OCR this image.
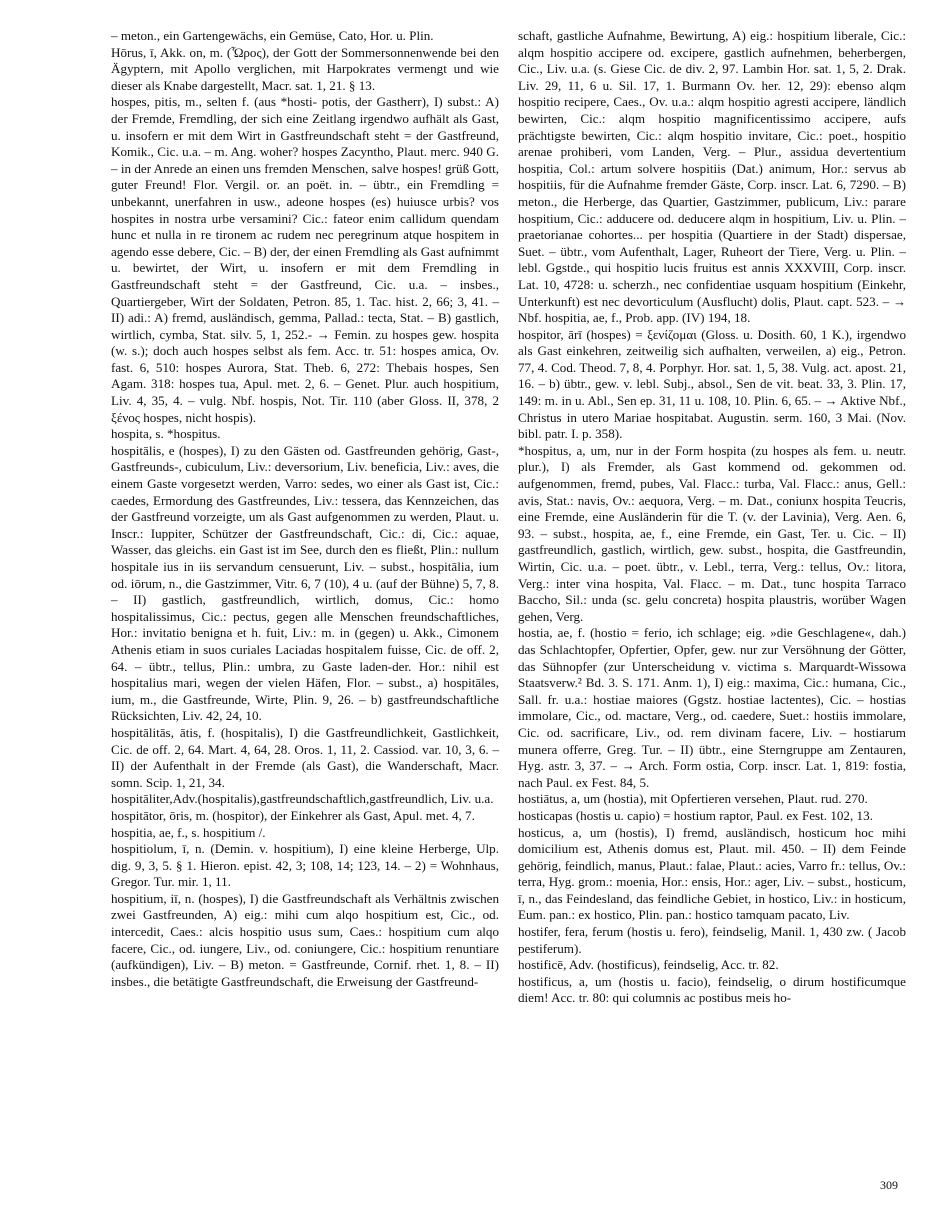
– meton., ein Gartengewächs, ein Gemüse, Cato, Hor. u. Plin.

Hōrus, ī, Akk. on, m. (Ὧρος), der Gott der Sommersonnenwende bei den Ägyptern, mit Apollo verglichen, mit Harpokrates vermengt und wie dieser als Knabe dargestellt, Macr. sat. 1, 21. § 13.

hospes, pitis, m., selten f. (aus *hosti- potis, der Gastherr), I) subst.: A) der Fremde, Fremdling, der sich eine Zeitlang irgendwo aufhält als Gast, u. insofern er mit dem Wirt in Gastfreundschaft steht = der Gastfreund, Komik., Cic. u.a. – m. Ang. woher? hospes Zacyntho, Plaut. merc. 940 G. – in der Anrede an einen uns fremden Menschen, salve hospes! grüß Gott, guter Freund! Flor. Vergil. or. an poët. in. – übtr., ein Fremdling = unbekannt, unerfahren in usw., adeone hospes (es) huiusce urbis? vos hospites in nostra urbe versamini? Cic.: fateor enim callidum quendam hunc et nulla in re tironem ac rudem nec peregrinum atque hospitem in agendo esse debere, Cic. – B) der, der einen Fremdling als Gast aufnimmt u. bewirtet, der Wirt, u. insofern er mit dem Fremdling in Gastfreundschaft steht = der Gastfreund, Cic. u.a. – insbes., Quartiergeber, Wirt der Soldaten, Petron. 85, 1. Tac. hist. 2, 66; 3, 41. – II) adi.: A) fremd, ausländisch, gemma, Pallad.: tecta, Stat. – B) gastlich, wirtlich, cymba, Stat. silv. 5, 1, 252.- → Femin. zu hospes gew. hospita (w. s.); doch auch hospes selbst als fem. Acc. tr. 51: hospes amica, Ov. fast. 6, 510: hospes Aurora, Stat. Theb. 6, 272: Thebais hospes, Sen Agam. 318: hospes tua, Apul. met. 2, 6. – Genet. Plur. auch hospitium, Liv. 4, 35, 4. – vulg. Nbf. hospis, Not. Tir. 110 (aber Gloss. II, 378, 2 ξένος hospes, nicht hospis).

hospita, s. *hospitus.

hospitālis, e (hospes), I) zu den Gästen od. Gastfreunden gehörig, Gast-, Gastfreunds-, cubiculum, Liv.: deversorium, Liv. beneficia, Liv.: aves, die einem Gaste vorgesetzt werden, Varro: sedes, wo einer als Gast ist, Cic.: caedes, Ermordung des Gastfreundes, Liv.: tessera, das Kennzeichen, das der Gastfreund vorzeigte, um als Gast aufgenommen zu werden, Plaut. u. Inscr.: Iuppiter, Schützer der Gastfreundschaft, Cic.: di, Cic.: aquae, Wasser, das gleichs. ein Gast ist im See, durch den es fließt, Plin.: nullum hospitale ius in iis servandum censuerunt, Liv. – subst., hospitālia, ium od. iōrum, n., die Gastzimmer, Vitr. 6, 7 (10), 4 u. (auf der Bühne) 5, 7, 8. – II) gastlich, gastfreundlich, wirtlich, domus, Cic.: homo hospitalissimus, Cic.: pectus, gegen alle Menschen freundschaftliches, Hor.: invitatio benigna et h. fuit, Liv.: m. in (gegen) u. Akk., Cimonem Athenis etiam in suos curiales Laciadas hospitalem fuisse, Cic. de off. 2, 64. – übtr., tellus, Plin.: umbra, zu Gaste laden-der. Hor.: nihil est hospitalius mari, wegen der vielen Häfen, Flor. – subst., a) hospitāles, ium, m., die Gastfreunde, Wirte, Plin. 9, 26. – b) gastfreundschaftliche Rücksichten, Liv. 42, 24, 10.

hospitālitās, ātis, f. (hospitalis), I) die Gastfreundlichkeit, Gastlichkeit, Cic. de off. 2, 64. Mart. 4, 64, 28. Oros. 1, 11, 2. Cassiod. var. 10, 3, 6. – II) der Aufenthalt in der Fremde (als Gast), die Wanderschaft, Macr. somn. Scip. 1, 21, 34.

hospitāliter,Adv.(hospitalis),gastfreundschaftlich,gastfreundlich, Liv. u.a.

hospitātor, ōris, m. (hospitor), der Einkehrer als Gast, Apul. met. 4, 7.

hospitia, ae, f., s. hospitium /.

hospitiolum, ī, n. (Demin. v. hospitium), I) eine kleine Herberge, Ulp. dig. 9, 3, 5. § 1. Hieron. epist. 42, 3; 108, 14; 123, 14. – 2) = Wohnhaus, Gregor. Tur. mir. 1, 11.

hospitium, iī, n. (hospes), I) die Gastfreundschaft als Verhältnis zwischen zwei Gastfreunden, A) eig.: mihi cum alqo hospitium est, Cic., od. intercedit, Caes.: alcis hospitio usus sum, Caes.: hospitium cum alqo facere, Cic., od. iungere, Liv., od. coniungere, Cic.: hospitium renuntiare (aufkündigen), Liv. – B) meton. = Gastfreunde, Cornif. rhet. 1, 8. – II) insbes., die betätigte Gastfreundschaft, die Erweisung der Gastfreund-

schaft, gastliche Aufnahme, Bewirtung, A) eig.: hospitium liberale, Cic.: alqm hospitio accipere od. excipere, gastlich aufnehmen, beherbergen, Cic., Liv. u.a. (s. Giese Cic. de div. 2, 97. Lambin Hor. sat. 1, 5, 2. Drak. Liv. 29, 11, 6 u. Sil. 17, 1. Burmann Ov. her. 12, 29): ebenso alqm hospitio recipere, Caes., Ov. u.a.: alqm hospitio agresti accipere, ländlich bewirten, Cic.: alqm hospitio magnificentissimo accipere, aufs prächtigste bewirten, Cic.: alqm hospitio invitare, Cic.: poet., hospitio arenae prohiberi, vom Landen, Verg. – Plur., assidua devertentium hospitia, Col.: artum solvere hospitiis (Dat.) animum, Hor.: servus ab hospitiis, für die Aufnahme fremder Gäste, Corp. inscr. Lat. 6, 7290. – B) meton., die Herberge, das Quartier, Gastzimmer, publicum, Liv.: parare hospitium, Cic.: adducere od. deducere alqm in hospitium, Liv. u. Plin. – praetorianae cohortes... per hospitia (Quartiere in der Stadt) dispersae, Suet. – übtr., vom Aufenthalt, Lager, Ruheort der Tiere, Verg. u. Plin. – lebl. Ggstde., qui hospitio lucis fruitus est annis XXXVIII, Corp. inscr. Lat. 10, 4728: u. scherzh., nec confidentiae usquam hospitium (Einkehr, Unterkunft) est nec devorticulum (Ausflucht) dolis, Plaut. capt. 523. – → Nbf. hospitia, ae, f., Prob. app. (IV) 194, 18.

hospitor, ārī (hospes) = ξενίζομαι (Gloss. u. Dosith. 60, 1 K.), irgendwo als Gast einkehren, zeitweilig sich aufhalten, verweilen, a) eig., Petron. 77, 4. Cod. Theod. 7, 8, 4. Porphyr. Hor. sat. 1, 5, 38. Vulg. act. apost. 21, 16. – b) übtr., gew. v. lebl. Subj., absol., Sen de vit. beat. 33, 3. Plin. 17, 149: m. in u. Abl., Sen ep. 31, 11 u. 108, 10. Plin. 6, 65. – → Aktive Nbf., Christus in utero Mariae hospitabat. Augustin. serm. 160, 3 Mai. (Nov. bibl. patr. I. p. 358).

*hospitus, a, um, nur in der Form hospita (zu hospes als fem. u. neutr. plur.), I) als Fremder, als Gast kommend od. gekommen od. aufgenommen, fremd, pubes, Val. Flacc.: turba, Val. Flacc.: anus, Gell.: avis, Stat.: navis, Ov.: aequora, Verg. – m. Dat., coniunx hospita Teucris, eine Fremde, eine Ausländerin für die T. (v. der Lavinia), Verg. Aen. 6, 93. – subst., hospita, ae, f., eine Fremde, ein Gast, Ter. u. Cic. – II) gastfreundlich, gastlich, wirtlich, gew. subst., hospita, die Gastfreundin, Wirtin, Cic. u.a. – poet. übtr., v. Lebl., terra, Verg.: tellus, Ov.: litora, Verg.: inter vina hospita, Val. Flacc. – m. Dat., tunc hospita Tarraco Baccho, Sil.: unda (sc. gelu concreta) hospita plaustris, worüber Wagen gehen, Verg.

hostia, ae, f. (hostio = ferio, ich schlage; eig. »die Geschlagene«, dah.) das Schlachtopfer, Opfertier, Opfer, gew. nur zur Versöhnung der Götter, das Sühnopfer (zur Unterscheidung v. victima s. Marquardt-Wissowa Staatsverw.² Bd. 3. S. 171. Anm. 1), I) eig.: maxima, Cic.: humana, Cic., Sall. fr. u.a.: hostiae maiores (Ggstz. hostiae lactentes), Cic. – hostias immolare, Cic., od. mactare, Verg., od. caedere, Suet.: hostiis immolare, Cic. od. sacrificare, Liv., od. rem divinam facere, Liv. – hostiarum munera offerre, Greg. Tur. – II) übtr., eine Sterngruppe am Zentauren, Hyg. astr. 3, 37. – → Arch. Form ostia, Corp. inscr. Lat. 1, 819: fostia, nach Paul. ex Fest. 84, 5.

hostiātus, a, um (hostia), mit Opfertieren versehen, Plaut. rud. 270.

hosticapas (hostis u. capio) = hostium raptor, Paul. ex Fest. 102, 13.

hosticus, a, um (hostis), I) fremd, ausländisch, hosticum hoc mihi domicilium est, Athenis domus est, Plaut. mil. 450. – II) dem Feinde gehörig, feindlich, manus, Plaut.: falae, Plaut.: acies, Varro fr.: tellus, Ov.: terra, Hyg. grom.: moenia, Hor.: ensis, Hor.: ager, Liv. – subst., hosticum, ī, n., das Feindesland, das feindliche Gebiet, in hostico, Liv.: in hosticum, Eum. pan.: ex hostico, Plin. pan.: hostico tamquam pacato, Liv.

hostifer, fera, ferum (hostis u. fero), feindselig, Manil. 1, 430 zw. ( Jacob pestiferum).

hostificē, Adv. (hostificus), feindselig, Acc. tr. 82.

hostificus, a, um (hostis u. facio), feindselig, o dirum hostificumque diem! Acc. tr. 80: qui columnis ac postibus meis ho-

309
